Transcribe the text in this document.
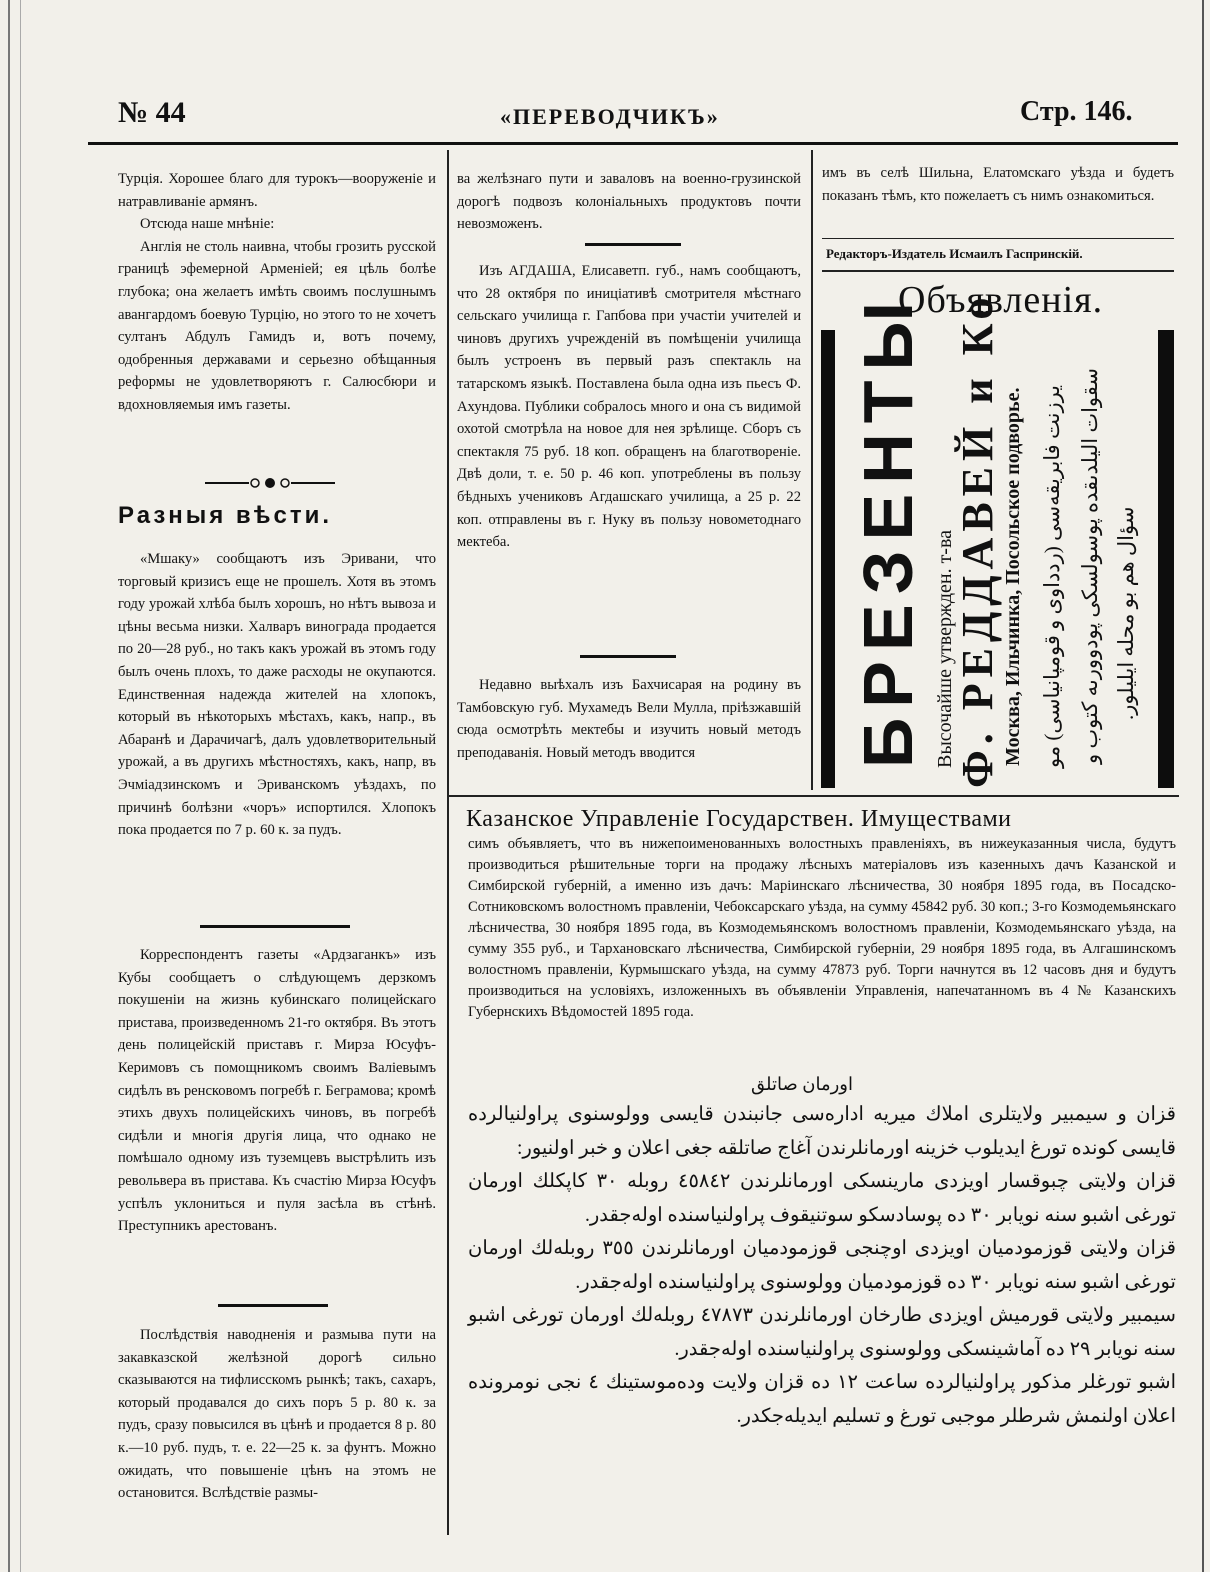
№ 44	«ПЕРЕВОДЧИКЪ»	Стр. 146.

Турція. Хорошее благо для турокъ—вооруженіе и натравливаніе армянъ.

Отсюда наше мнѣніе:

Англія не столь наивна, чтобы грозить русской границѣ эфемерной Арменіей; ея цѣль болѣе глубока; она желаетъ имѣть своимъ послушнымъ авангардомъ боевую Турцію, но этого то не хочетъ султанъ Абдулъ Гамидъ и, вотъ почему, одобренныя державами и серьезно обѣщанныя реформы не удовлетворяютъ г. Салюсбюри и вдохновляемыя имъ газеты.

Разныя вѣсти.

«Мшаку» сообщаютъ изъ Эривани, что торговый кризисъ еще не прошелъ. Хотя въ этомъ году урожай хлѣба былъ хорошъ, но нѣтъ вывоза и цѣны весьма низки. Халваръ винограда продается по 20—28 руб., но такъ какъ урожай въ этомъ году былъ очень плохъ, то даже расходы не окупаются. Единственная надежда жителей на хлопокъ, который въ нѣкоторыхъ мѣстахъ, какъ, напр., въ Абаранѣ и Дарачичагѣ, далъ удовлетворительный урожай, а въ другихъ мѣстностяхъ, какъ, напр, въ Эчміадзинскомъ и Эриванскомъ уѣздахъ, по причинѣ болѣзни «чоръ» испортился. Хлопокъ пока продается по 7 р. 60 к. за пудъ.

Корреспондентъ газеты «Ардзаганкъ» изъ Кубы сообщаетъ о слѣдующемъ дерзкомъ покушеніи на жизнь кубинскаго полицейскаго пристава, произведенномъ 21-го октября. Въ этотъ день полицейскій приставъ г. Мирза Юсуфъ-Керимовъ съ помощникомъ своимъ Валіевымъ сидѣлъ въ ренсковомъ погребѣ г. Беграмова; кромѣ этихъ двухъ полицейскихъ чиновъ, въ погребѣ сидѣли и многія другія лица, что однако не помѣшало одному изъ туземцевъ выстрѣлить изъ револьвера въ пристава. Къ счастію Мирза Юсуфъ успѣлъ уклониться и пуля засѣла въ стѣнѣ. Преступникъ арестованъ.

Послѣдствія наводненія и размыва пути на закавказской желѣзной дорогѣ сильно сказываются на тифлисскомъ рынкѣ; такъ, сахаръ, который продавался до сихъ поръ 5 р. 80 к. за пудъ, сразу повысился въ цѣнѣ и продается 8 р. 80 к.—10 руб. пудъ, т. е. 22—25 к. за фунтъ. Можно ожидать, что повышеніе цѣнъ на этомъ не остановится. Вслѣдствіе размы-

ва желѣзнаго пути и заваловъ на военно-грузинской дорогѣ подвозъ колоніальныхъ продуктовъ почти невозможенъ.

Изъ АГДАША, Елисаветп. губ., намъ сообщаютъ, что 28 октября по иниціативѣ смотрителя мѣстнаго сельскаго училища г. Гапбова при участіи учителей и чиновъ другихъ учрежденій въ помѣщеніи училища былъ устроенъ въ первый разъ спектакль на татарскомъ языкѣ. Поставлена была одна изъ пьесъ Ф. Ахундова. Публики собралось много и она съ видимой охотой смотрѣла на новое для нея зрѣлище. Сборъ съ спектакля 75 руб. 18 коп. обращенъ на благотвореніе. Двѣ доли, т. е. 50 р. 46 коп. употреблены въ пользу бѣдныхъ учениковъ Агдашскаго училища, а 25 р. 22 коп. отправлены въ г. Нуку въ пользу новометоднаго мектеба.

Недавно выѣхалъ изъ Бахчисарая на родину въ Тамбовскую губ. Мухамедъ Вели Мулла, пріѣзжавшій сюда осмотрѣть мектебы и изучить новый методъ преподаванія. Новый методъ вводится

имъ въ селѣ Шильна, Елатомскаго уѣзда и будетъ показанъ тѣмъ, кто пожелаетъ съ нимъ ознакомиться.

Редакторъ-Издатель Исмаилъ Гаспринскій.
Объявленія.
БРЕЗЕНТЫ Высочайше утвержден. т-ва
Ф. РЕДДАВЕЙ и Ко Москва, Ильчинка, Посольское подворье. يرزنت فابريقه‌سى (ردداوى و قومپانياسى) مو سقوات اليلدىقده پوسولسكى پودوورىه كتوب و سؤال هم بو محله ايليلور.
Казанское Управленіе Государствен. Имуществами

симъ объявляетъ, что въ нижепоименованныхъ волостныхъ правленіяхъ, въ нижеуказанныя числа, будутъ производиться рѣшительные торги на продажу лѣсныхъ матеріаловъ изъ казенныхъ дачъ Казанской и Симбирской губерній, а именно изъ дачъ: Маріинскаго лѣсничества, 30 ноября 1895 года, въ Посадско-Сотниковскомъ волостномъ правленіи, Чебоксарскаго уѣзда, на сумму 45842 руб. 30 коп.; 3-го Козмодемьянскаго лѣсничества, 30 ноября 1895 года, въ Козмодемьянскомъ волостномъ правленіи, Козмодемьянскаго уѣзда, на сумму 355 руб., и Тархановскаго лѣсничества, Симбирской губерніи, 29 ноября 1895 года, въ Алгашинскомъ волостномъ правленіи, Курмышскаго уѣзда, на сумму 47873 руб. Торги начнутся въ 12 часовъ дня и будутъ производиться на условіяхъ, изложенныхъ въ объявленіи Управленія, напечатанномъ въ 4 № Казанскихъ Губернскихъ Вѣдомостей 1895 года.

اورمان صاتلق

قزان و سيمبير ولايتلرى املاك ميريه اداره‌سى جانبندن قايسى وولوسنوى پراولنيالرده قايسى كونده تورغ ايديلوب خزينه اورمانلرندن آغاج صاتلقه جغى اعلان و خبر اولنيور:

قزان ولايتى چبوقسار اويزدى مارينسكى اورمانلرندن ٤٥٨٤٢ روبله ٣٠ كاپكلك اورمان تورغى اشبو سنه نويابر ٣٠ ده پوسادسكو سوتنيقوف پراولنياسنده اوله‌جقدر.

قزان ولايتى قوزمودميان اويزدى اوچنجى قوزمودميان اورمانلرندن ٣٥٥ روبله‌لك اورمان تورغى اشبو سنه نويابر ٣٠ ده قوزمودميان وولوسنوى پراولنياسنده اوله‌جقدر.

سيمبير ولايتى قورميش اويزدى طارخان اورمانلرندن ٤٧٨٧٣ روبله‌لك اورمان تورغى اشبو سنه نويابر ٢٩ ده آماشينسكى وولوسنوى پراولنياسنده اوله‌جقدر.

اشبو تورغلر مذكور پراولنيالرده ساعت ١٢ ده قزان ولايت وده‌موستينك ٤ نجى نومرونده اعلان اولنمش شرطلر موجبى تورغ و تسليم ايديله‌جكدر.
